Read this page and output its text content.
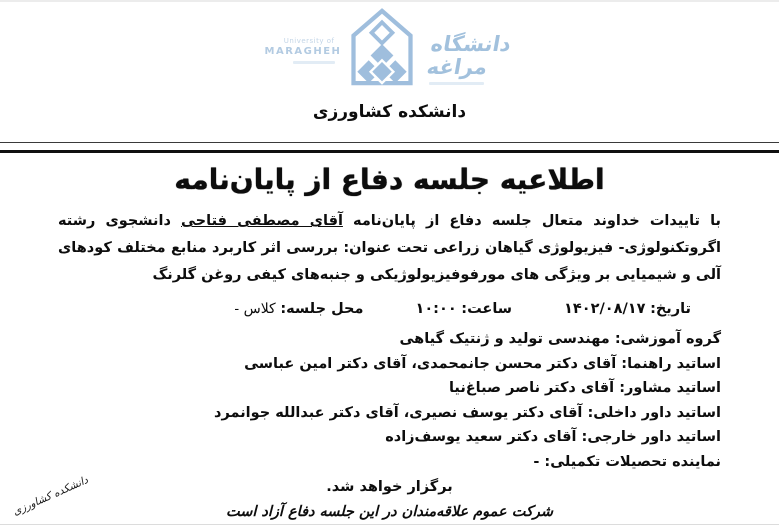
University of
MARAGHEH	دانشگاه مراغه
دانشکده کشاورزی
اطلاعیه جلسه دفاع از پایان‌نامه

با تاییدات خداوند متعال جلسه دفاع از پایان‌نامه آقای مصطفی فتاحی دانشجوی رشته اگروتکنولوژی- فیزیولوژی گیاهان زراعی تحت عنوان: بررسی اثر کاربرد منابع مختلف کودهای آلی و شیمیایی بر ویژگی های مورفوفیزیولوژیکی و جنبه‌های کیفی روغن گلرنگ

تاریخ: ۱۴۰۲/۰۸/۱۷
ساعت: ۱۰:۰۰
محل جلسه: کلاس -
گروه آموزشی: مهندسی تولید و ژنتیک گیاهی
اساتید راهنما: آقای دکتر محسن جانمحمدی، آقای دکتر امین عباسی
اساتید مشاور: آقای دکتر ناصر صباغ‌نیا
اساتید داور داخلی: آقای دکتر یوسف نصیری، آقای دکتر عبدالله جوانمرد
اساتید داور خارجی: آقای دکتر سعید یوسف‌زاده
نماینده تحصیلات تکمیلی: -
برگزار خواهد شد.
شرکت عموم علاقه‌مندان در این جلسه دفاع آزاد است
دانشکده کشاورزی
